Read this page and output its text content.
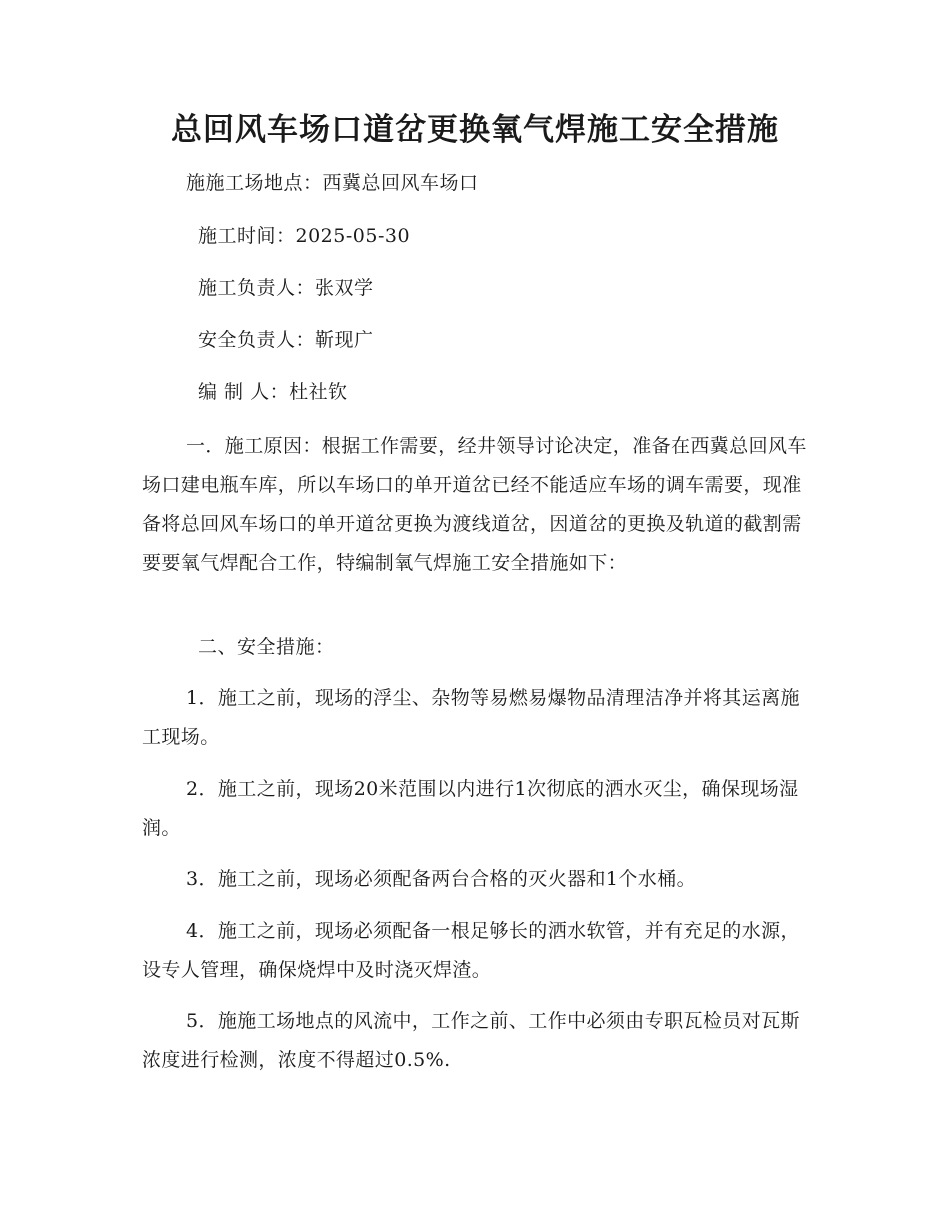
总回风车场口道岔更换氧气焊施工安全措施
施施工场地点：西冀总回风车场口
施工时间：2025-05-30
施工负责人：张双学
安全负责人：靳现广
编 制 人：杜社钦

一．施工原因：根据工作需要，经井领导讨论决定，准备在西冀总回风车场口建电瓶车库，所以车场口的单开道岔已经不能适应车场的调车需要，现准备将总回风车场口的单开道岔更换为渡线道岔，因道岔的更换及轨道的截割需要要氧气焊配合工作，特编制氧气焊施工安全措施如下：

二、安全措施：

1．施工之前，现场的浮尘、杂物等易燃易爆物品清理洁净并将其运离施工现场。

2．施工之前，现场20米范围以内进行1次彻底的洒水灭尘，确保现场湿润。

3．施工之前，现场必须配备两台合格的灭火器和1个水桶。

4．施工之前，现场必须配备一根足够长的洒水软管，并有充足的水源，设专人管理，确保烧焊中及时浇灭焊渣。

5．施施工场地点的风流中，工作之前、工作中必须由专职瓦检员对瓦斯浓度进行检测，浓度不得超过0.5%.
